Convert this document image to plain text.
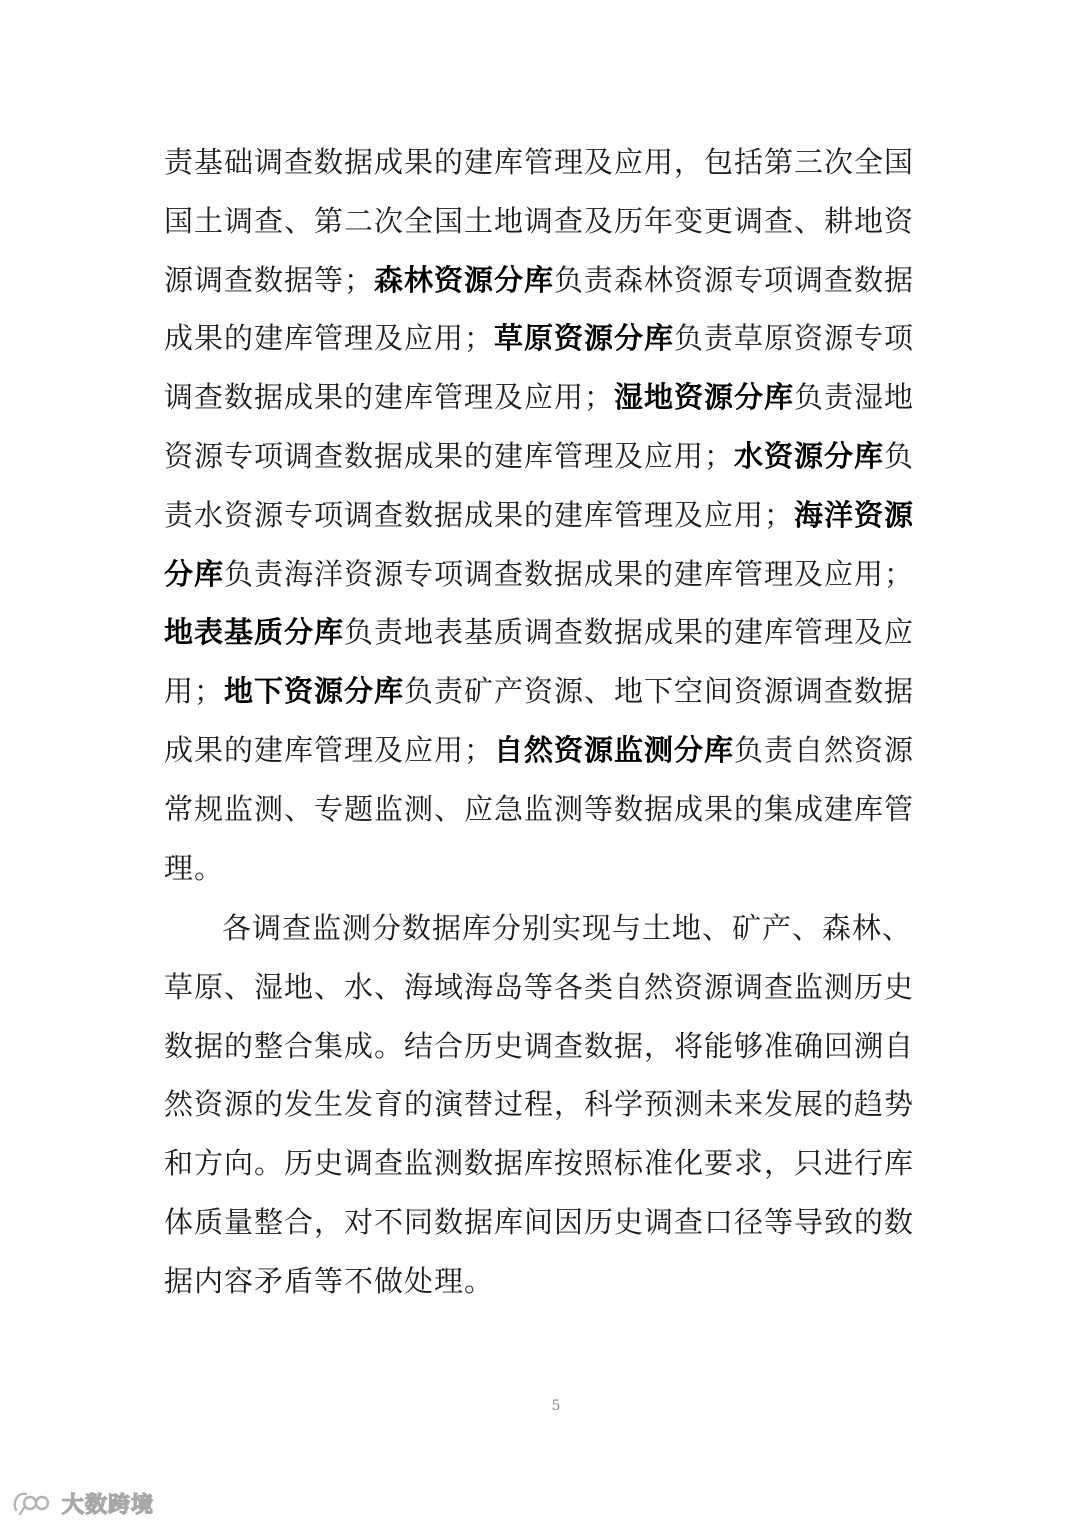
责基础调查数据成果的建库管理及应用，包括第三次全国
国土调查、第二次全国土地调查及历年变更调查、耕地资
源调查数据等；森林资源分库负责森林资源专项调查数据
成果的建库管理及应用；草原资源分库负责草原资源专项
调查数据成果的建库管理及应用；湿地资源分库负责湿地
资源专项调查数据成果的建库管理及应用；水资源分库负
责水资源专项调查数据成果的建库管理及应用；海洋资源
分库负责海洋资源专项调查数据成果的建库管理及应用；
地表基质分库负责地表基质调查数据成果的建库管理及应
用；地下资源分库负责矿产资源、地下空间资源调查数据
成果的建库管理及应用；自然资源监测分库负责自然资源
常规监测、专题监测、应急监测等数据成果的集成建库管
理。
各调查监测分数据库分别实现与土地、矿产、森林、
草原、湿地、水、海域海岛等各类自然资源调查监测历史
数据的整合集成。结合历史调查数据，将能够准确回溯自
然资源的发生发育的演替过程，科学预测未来发展的趋势
和方向。历史调查监测数据库按照标准化要求，只进行库
体质量整合，对不同数据库间因历史调查口径等导致的数
据内容矛盾等不做处理。
5
大数跨境
